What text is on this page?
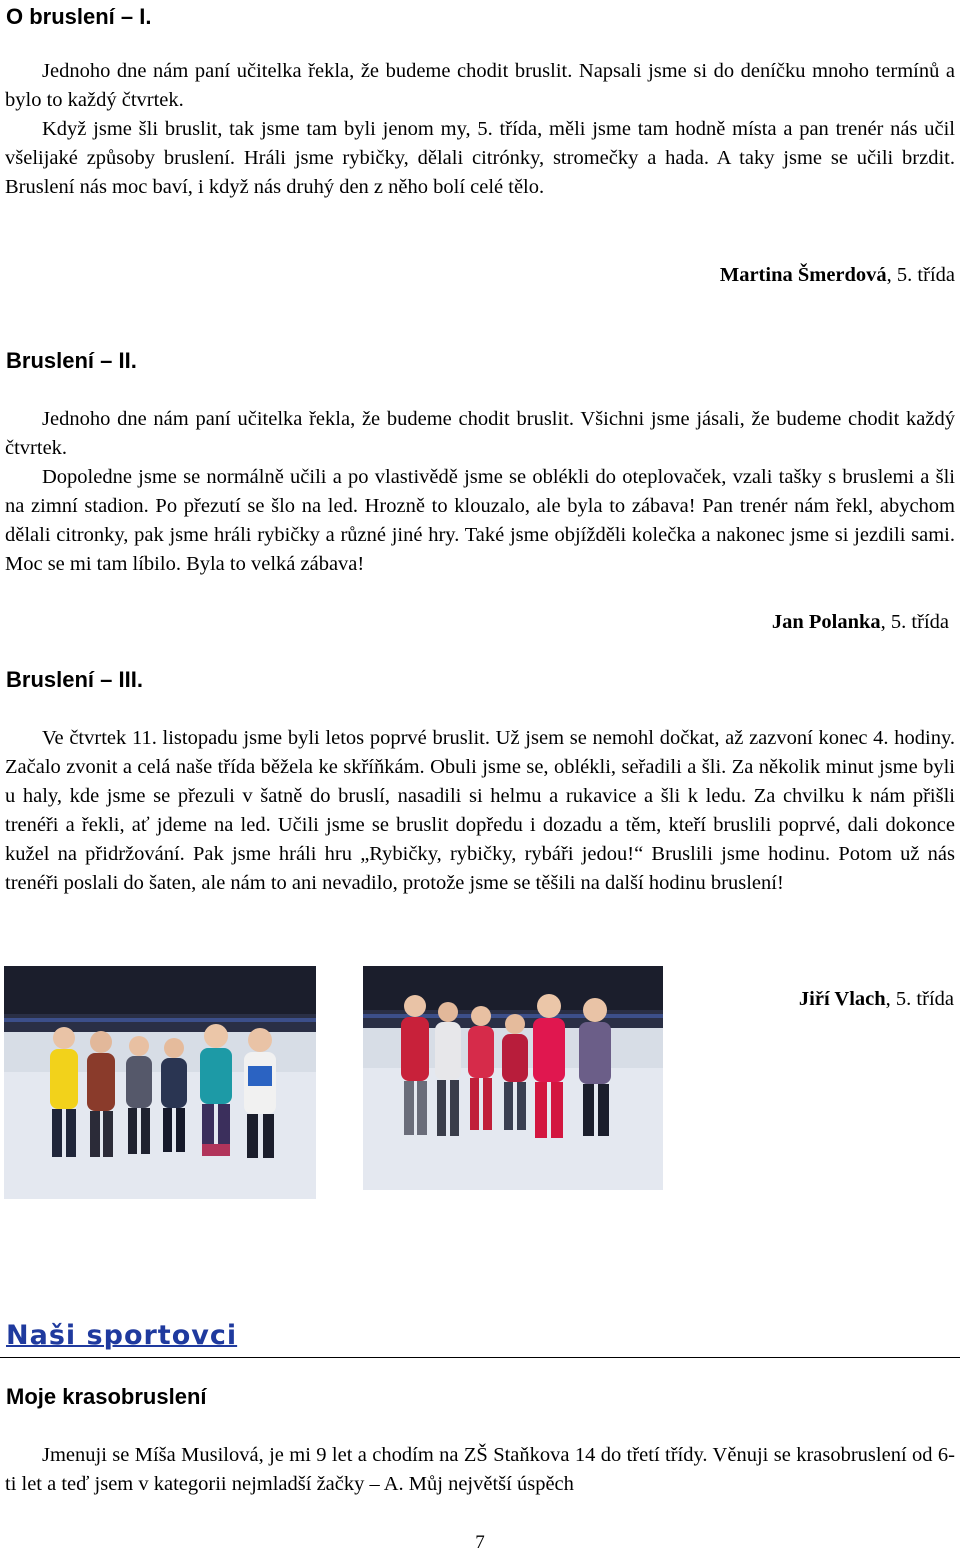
O bruslení – I.

Jednoho dne nám paní učitelka řekla, že budeme chodit bruslit. Napsali jsme si do deníčku mnoho termínů a bylo to každý čtvrtek.

Když jsme šli bruslit, tak jsme tam byli jenom my, 5. třída, měli jsme tam hodně místa a pan trenér nás učil všelijaké způsoby bruslení. Hráli jsme rybičky, dělali citrónky, stromečky a hada. A taky jsme se učili brzdit. Bruslení nás moc baví, i když nás druhý den z něho bolí celé tělo.

Martina Šmerdová, 5. třída
Bruslení – II.

Jednoho dne nám paní učitelka řekla, že budeme chodit bruslit. Všichni jsme jásali, že budeme chodit každý čtvrtek.

Dopoledne jsme se normálně učili a po vlastivědě jsme se oblékli do oteplovaček, vzali tašky s bruslemi a šli na zimní stadion. Po přezutí se šlo na led. Hrozně to klouzalo, ale byla to zábava! Pan trenér nám řekl, abychom dělali citronky, pak jsme hráli rybičky a různé jiné hry. Také jsme objížděli kolečka a nakonec jsme si jezdili sami. Moc se mi tam líbilo. Byla to velká zábava!

Jan Polanka, 5. třída
Bruslení – III.

Ve čtvrtek 11. listopadu jsme byli letos poprvé bruslit. Už jsem se nemohl dočkat, až zazvoní konec 4. hodiny. Začalo zvonit a celá naše třída běžela ke skříňkám. Obuli jsme se, oblékli, seřadili a šli. Za několik minut jsme byli u haly, kde jsme se přezuli v šatně do bruslí, nasadili si helmu a rukavice a šli k ledu. Za chvilku k nám přišli trenéři a řekli, ať jdeme na led. Učili jsme se bruslit dopředu i dozadu a těm, kteří bruslili poprvé, dali dokonce kužel na přidržování. Pak jsme hráli hru „Rybičky, rybičky, rybáři jedou!“ Bruslili jsme hodinu. Potom už nás trenéři poslali do šaten, ale nám to ani nevadilo, protože jsme se těšili na další hodinu bruslení!

Jiří Vlach, 5. třída
Naši sportovci
Moje krasobruslení

Jmenuji se Míša Musilová, je mi 9 let a chodím na ZŠ Staňkova 14 do třetí třídy. Věnuji se krasobruslení od 6-ti let a teď jsem v kategorii nejmladší žačky – A. Můj největší úspěch

7
